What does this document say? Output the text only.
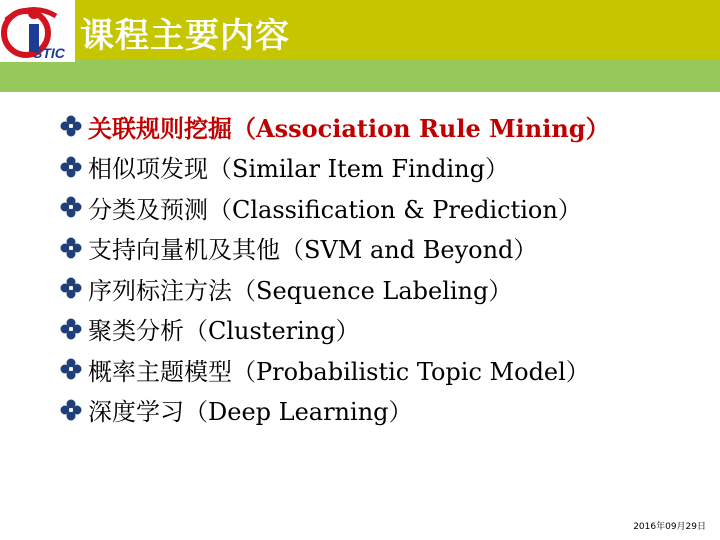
课程主要内容
STIC
关联规则挖掘（Association Rule Mining）
相似项发现（Similar Item Finding）
分类及预测（Classification & Prediction）
支持向量机及其他（SVM and Beyond）
序列标注方法（Sequence Labeling）
聚类分析（Clustering）
概率主题模型（Probabilistic Topic Model）
深度学习（Deep Learning）
2016年09月29日
